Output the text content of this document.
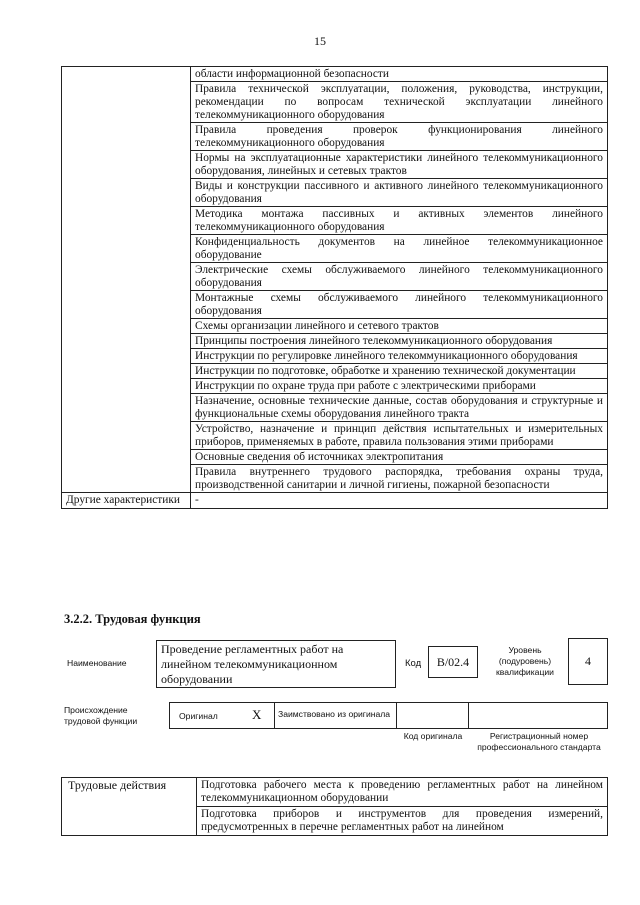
15
	области информационной безопасности
	Правила технической эксплуатации, положения, руководства, инструкции, рекомендации по вопросам технической эксплуатации линейного телекоммуникационного оборудования
	Правила проведения проверок функционирования линейного телекоммуникационного оборудования
	Нормы на эксплуатационные характеристики линейного телекоммуникационного оборудования, линейных и сетевых трактов
	Виды и конструкции пассивного и активного линейного телекоммуникационного оборудования
	Методика монтажа пассивных и активных элементов линейного телекоммуникационного оборудования
	Конфиденциальность документов на линейное телекоммуникационное оборудование
	Электрические схемы обслуживаемого линейного телекоммуникационного оборудования
	Монтажные схемы обслуживаемого линейного телекоммуникационного оборудования
	Схемы организации линейного и сетевого трактов
	Принципы построения линейного телекоммуникационного оборудования
	Инструкции по регулировке линейного телекоммуникационного оборудования
	Инструкции по подготовке, обработке и хранению технической документации
	Инструкции по охране труда при работе с электрическими приборами
	Назначение, основные технические данные, состав оборудования и структурные и функциональные схемы оборудования линейного тракта
	Устройство, назначение и принцип действия испытательных и измерительных приборов, применяемых в работе, правила пользования этими приборами
	Основные сведения об источниках электропитания
	Правила внутреннего трудового распорядка, требования охраны труда, производственной санитарии и личной гигиены, пожарной безопасности
Другие характеристики	-
3.2.2. Трудовая функция
Наименование
Проведение регламентных работ на линейном телекоммуникационном оборудовании
Код	B/02.4
Уровень (подуровень) квалификации
4
Происхождение трудовой функции	Оригинал	X	Заимствовано из оригинала
Код оригинала	Регистрационный номер профессионального стандарта
Трудовые действия	Подготовка рабочего места к проведению регламентных работ на линейном телекоммуникационном оборудовании
Подготовка приборов и инструментов для проведения измерений, предусмотренных в перечне регламентных работ на линейном
